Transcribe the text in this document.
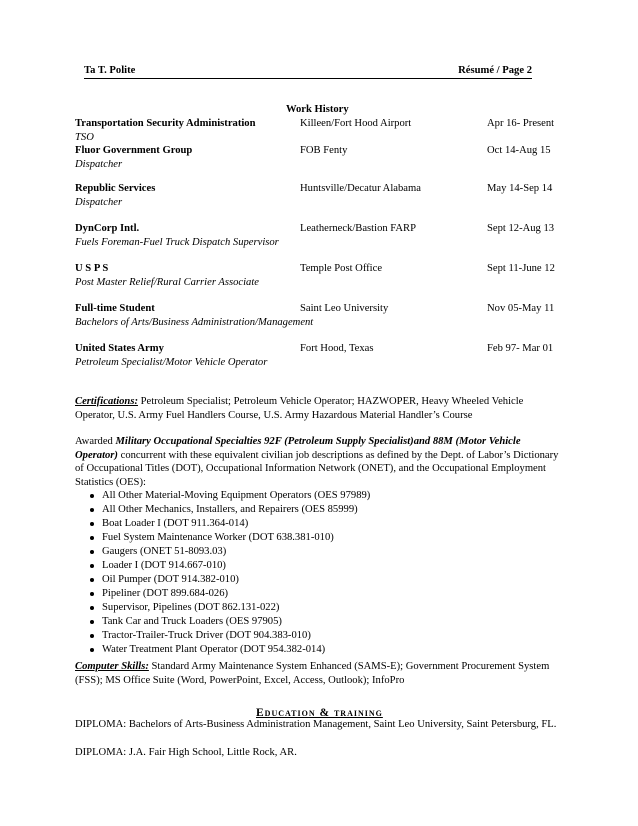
Ta T. Polite	Résumé / Page 2
Work History
Transportation Security Administration	Killeen/Fort Hood Airport	Apr 16- Present
TSO
Fluor Government Group	FOB Fenty	Oct 14-Aug 15
Dispatcher
Republic Services	Huntsville/Decatur Alabama	May 14-Sep 14
Dispatcher
DynCorp Intl.	Leatherneck/Bastion FARP	Sept 12-Aug 13
Fuels Foreman-Fuel Truck Dispatch Supervisor
U S P S	Temple Post Office	Sept 11-June 12
Post Master Relief/Rural Carrier Associate
Full-time Student	Saint Leo University	Nov 05-May 11
Bachelors of Arts/Business Administration/Management
United States Army	Fort Hood, Texas	Feb 97- Mar 01
Petroleum Specialist/Motor Vehicle Operator
Certifications: Petroleum Specialist; Petroleum Vehicle Operator; HAZWOPER, Heavy Wheeled Vehicle Operator, U.S. Army Fuel Handlers Course, U.S. Army Hazardous Material Handler’s Course
Awarded Military Occupational Specialties 92F (Petroleum Supply Specialist)and 88M (Motor Vehicle Operator) concurrent with these equivalent civilian job descriptions as defined by the Dept. of Labor’s Dictionary of Occupational Titles (DOT), Occupational Information Network (ONET), and the Occupational Employment Statistics (OES):
All Other Material-Moving Equipment Operators (OES 97989)
All Other Mechanics, Installers, and Repairers (OES 85999)
Boat Loader I (DOT 911.364-014)
Fuel System Maintenance Worker (DOT 638.381-010)
Gaugers (ONET 51-8093.03)
Loader I (DOT 914.667-010)
Oil Pumper (DOT 914.382-010)
Pipeliner (DOT 899.684-026)
Supervisor, Pipelines (DOT 862.131-022)
Tank Car and Truck Loaders (OES 97905)
Tractor-Trailer-Truck Driver (DOT 904.383-010)
Water Treatment Plant Operator (DOT 954.382-014)
Computer Skills: Standard Army Maintenance System Enhanced (SAMS-E); Government Procurement System (FSS); MS Office Suite (Word, PowerPoint, Excel, Access, Outlook); InfoPro
Education & training
DIPLOMA: Bachelors of Arts-Business Administration Management, Saint Leo University, Saint Petersburg, FL.
DIPLOMA: J.A. Fair High School, Little Rock, AR.
